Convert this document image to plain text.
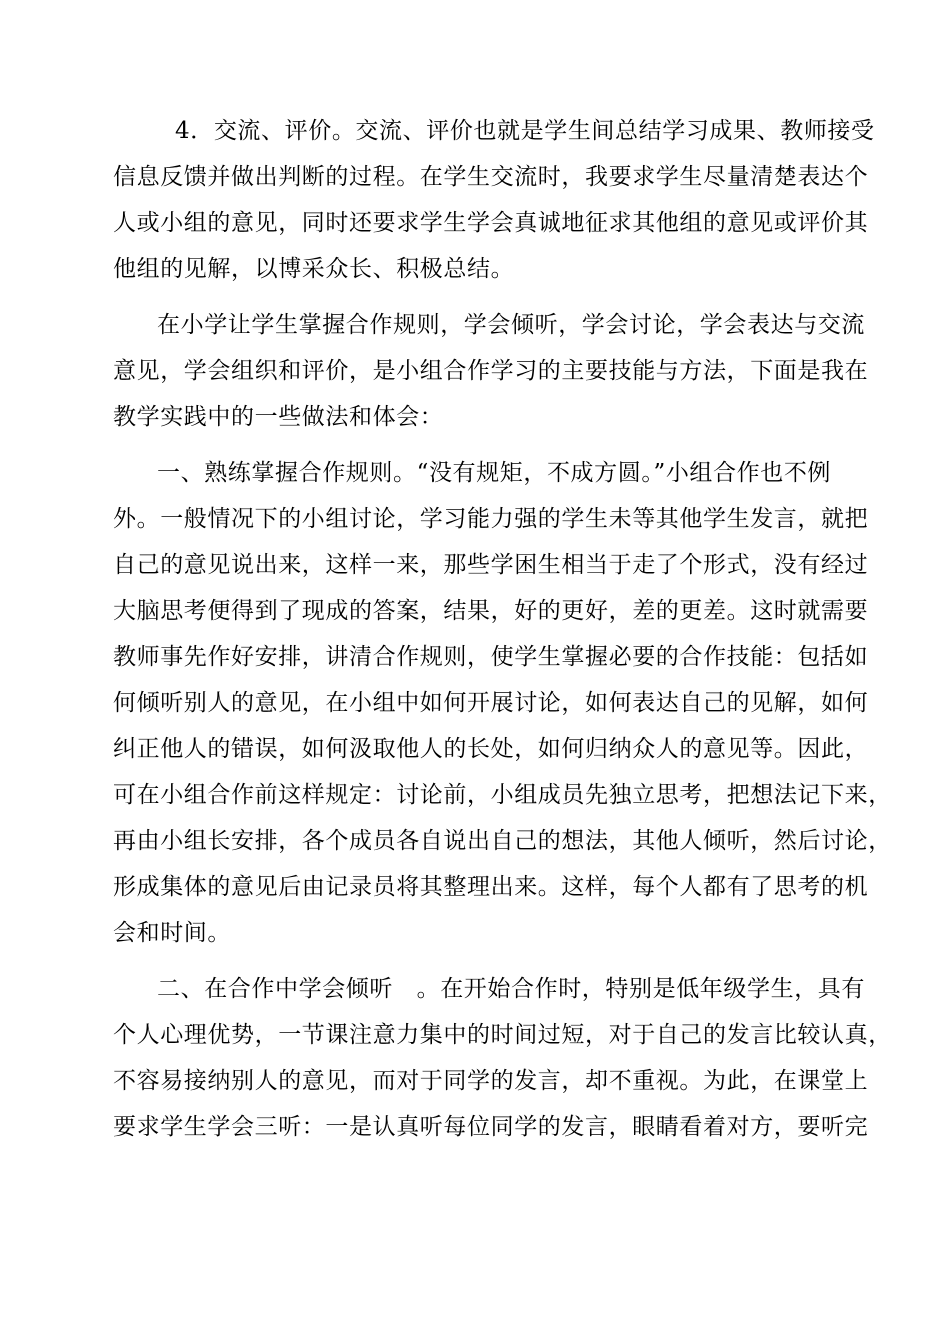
4．交流、评价。交流、评价也就是学生间总结学习成果、教师接受
信息反馈并做出判断的过程。在学生交流时，我要求学生尽量清楚表达个
人或小组的意见，同时还要求学生学会真诚地征求其他组的意见或评价其
他组的见解，以博采众长、积极总结。
在小学让学生掌握合作规则，学会倾听，学会讨论，学会表达与交流
意见，学会组织和评价，是小组合作学习的主要技能与方法，下面是我在
教学实践中的一些做法和体会：
一、熟练掌握合作规则。“没有规矩，不成方圆。”小组合作也不例
外。一般情况下的小组讨论，学习能力强的学生未等其他学生发言，就把
自己的意见说出来，这样一来，那些学困生相当于走了个形式，没有经过
大脑思考便得到了现成的答案，结果，好的更好，差的更差。这时就需要
教师事先作好安排，讲清合作规则，使学生掌握必要的合作技能：包括如
何倾听别人的意见，在小组中如何开展讨论，如何表达自己的见解，如何
纠正他人的错误，如何汲取他人的长处，如何归纳众人的意见等。因此，
可在小组合作前这样规定：讨论前，小组成员先独立思考，把想法记下来，
再由小组长安排，各个成员各自说出自己的想法，其他人倾听，然后讨论，
形成集体的意见后由记录员将其整理出来。这样，每个人都有了思考的机
会和时间。
二、在合作中学会倾听　。在开始合作时，特别是低年级学生，具有
个人心理优势，一节课注意力集中的时间过短，对于自己的发言比较认真，
不容易接纳别人的意见，而对于同学的发言，却不重视。为此，在课堂上
要求学生学会三听：一是认真听每位同学的发言，眼睛看着对方，要听完
